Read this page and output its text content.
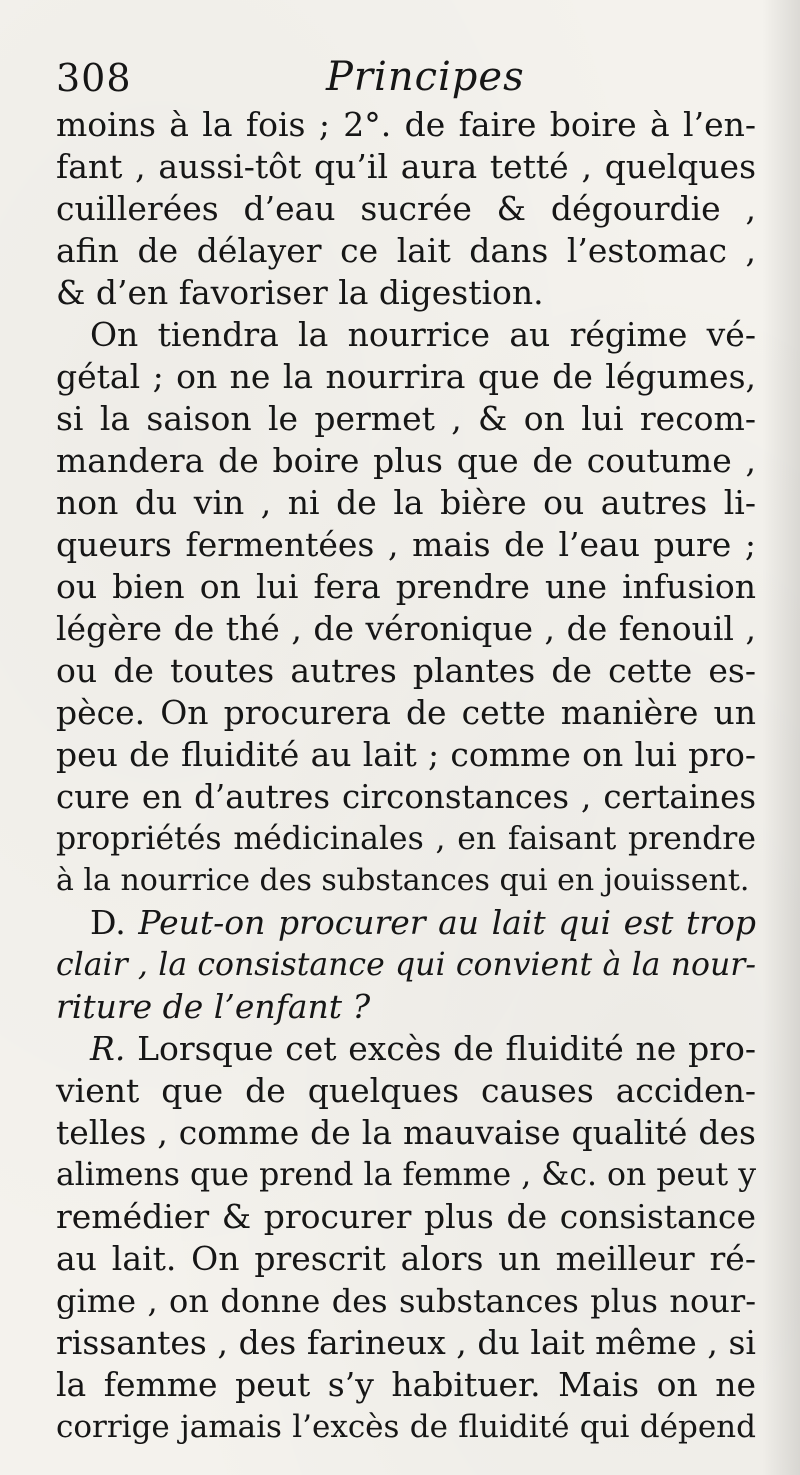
308	Principes
moins à la fois ; 2°. de faire boire à l’en-
fant , aussi-tôt qu’il aura tetté , quelques
cuillerées d’eau sucrée & dégourdie ,
afin de délayer ce lait dans l’estomac ,
& d’en favoriser la digestion.
On tiendra la nourrice au régime vé-
gétal ; on ne la nourrira que de légumes,
si la saison le permet , & on lui recom-
mandera de boire plus que de coutume ,
non du vin , ni de la bière ou autres li-
queurs fermentées , mais de l’eau pure ;
ou bien on lui fera prendre une infusion
légère de thé , de véronique , de fenouil ,
ou de toutes autres plantes de cette es-
pèce. On procurera de cette manière un
peu de fluidité au lait ; comme on lui pro-
cure en d’autres circonstances , certaines
propriétés médicinales , en faisant prendre
à la nourrice des substances qui en jouissent.
D. Peut-on procurer au lait qui est trop
clair , la consistance qui convient à la nour-
riture de l’enfant ?
R. Lorsque cet excès de fluidité ne pro-
vient que de quelques causes acciden-
telles , comme de la mauvaise qualité des
alimens que prend la femme , &c. on peut y
remédier & procurer plus de consistance
au lait. On prescrit alors un meilleur ré-
gime , on donne des substances plus nour-
rissantes , des farineux , du lait même , si
la femme peut s’y habituer. Mais on ne
corrige jamais l’excès de fluidité qui dépend
